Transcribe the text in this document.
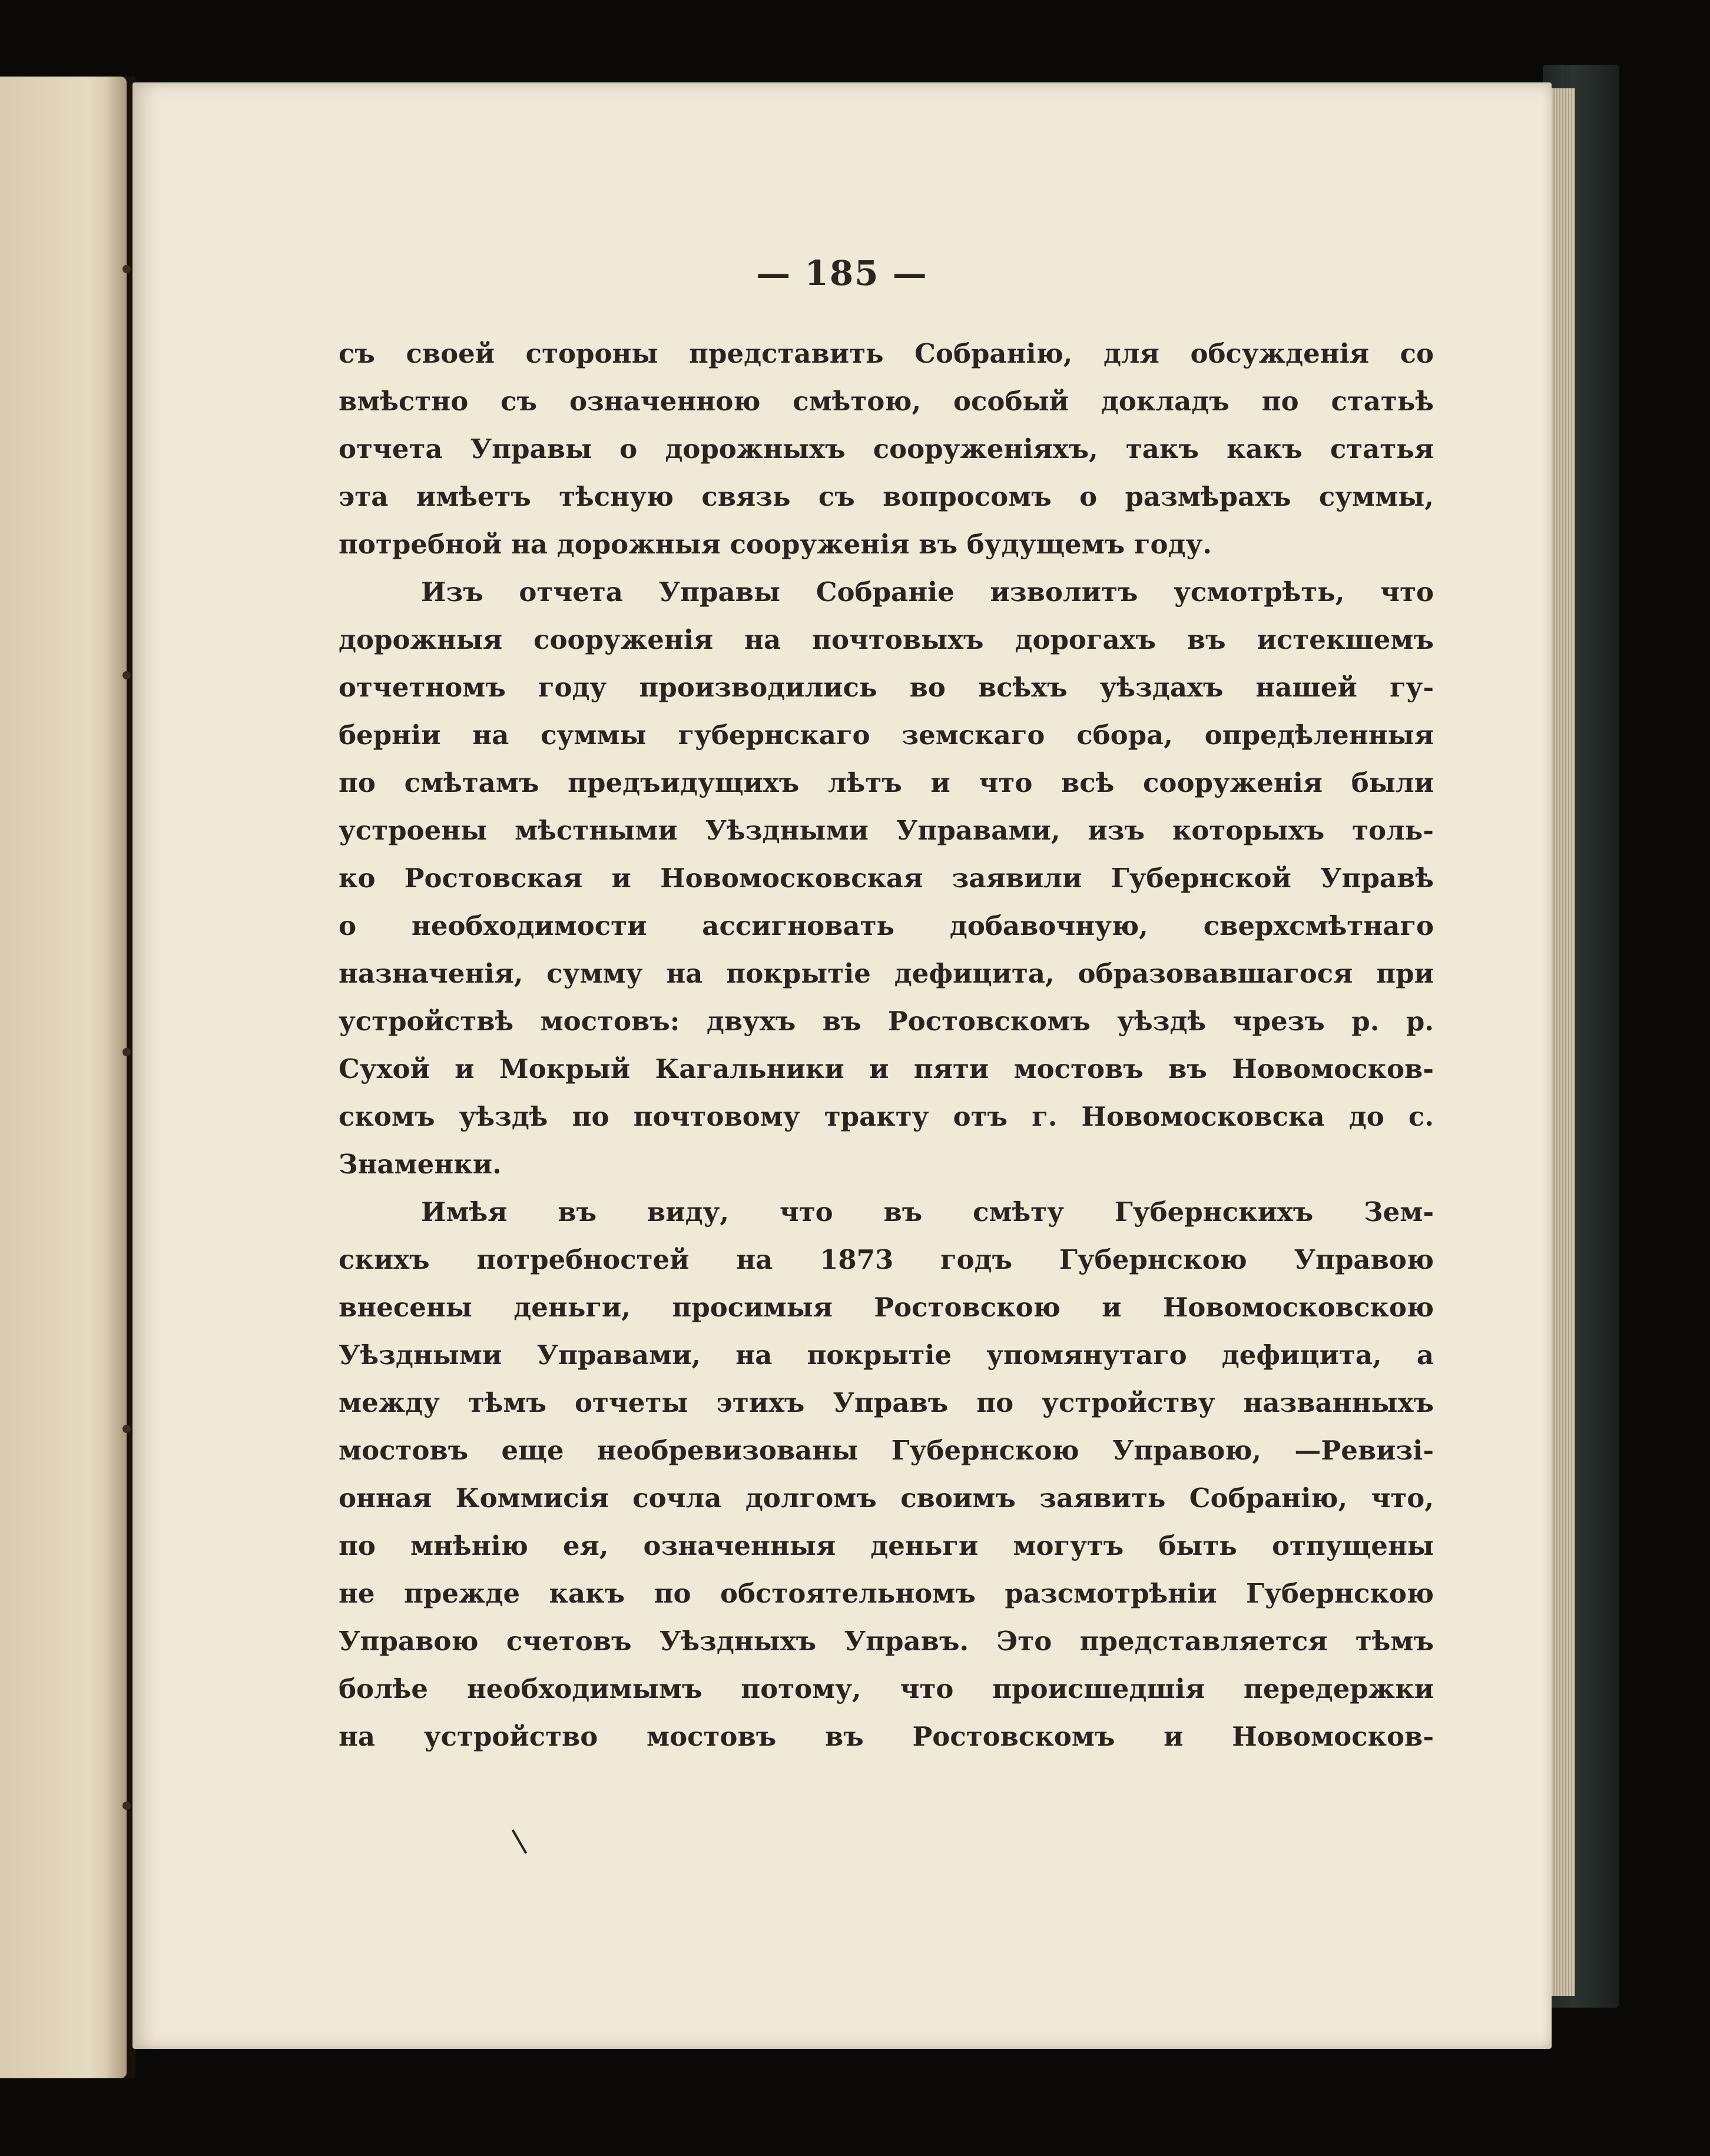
— 185 —
съ своей стороны представить Собранію, для обсужденія со
вмѣстно съ означенною смѣтою, особый докладъ по статьѣ
отчета Управы о дорожныхъ сооруженіяхъ, такъ какъ статья
эта имѣетъ тѣсную связь съ вопросомъ о размѣрахъ суммы,
потребной на дорожныя сооруженія въ будущемъ году.
Изъ отчета Управы Собраніе изволитъ усмотрѣть, что
дорожныя сооруженія на почтовыхъ дорогахъ въ истекшемъ
отчетномъ году производились во всѣхъ уѣздахъ нашей гу-
берніи на суммы губернскаго земскаго сбора, опредѣленныя
по смѣтамъ предъидущихъ лѣтъ и что всѣ сооруженія были
устроены мѣстными Уѣздными Управами, изъ которыхъ толь-
ко Ростовская и Новомосковская заявили Губернской Управѣ
о необходимости ассигновать добавочную, сверхсмѣтнаго
назначенія, сумму на покрытіе дефицита, образовавшагося при
устройствѣ мостовъ: двухъ въ Ростовскомъ уѣздѣ чрезъ р. р.
Сухой и Мокрый Кагальники и пяти мостовъ въ Новомосков-
скомъ уѣздѣ по почтовому тракту отъ г. Новомосковска до с.
Знаменки.
Имѣя въ виду, что въ смѣту Губернскихъ Зем-
скихъ потребностей на 1873 годъ Губернскою Управою
внесены деньги, просимыя Ростовскою и Новомосковскою
Уѣздными Управами, на покрытіе упомянутаго дефицита, а
между тѣмъ отчеты этихъ Управъ по устройству названныхъ
мостовъ еще необревизованы Губернскою Управою, —Ревизі-
онная Коммисія сочла долгомъ своимъ заявить Собранію, что,
по мнѣнію ея, означенныя деньги могутъ быть отпущены
не прежде какъ по обстоятельномъ разсмотрѣніи Губернскою
Управою счетовъ Уѣздныхъ Управъ. Это представляется тѣмъ
болѣе необходимымъ потому, что происшедшія передержки
на устройство мостовъ въ Ростовскомъ и Новомосков-
